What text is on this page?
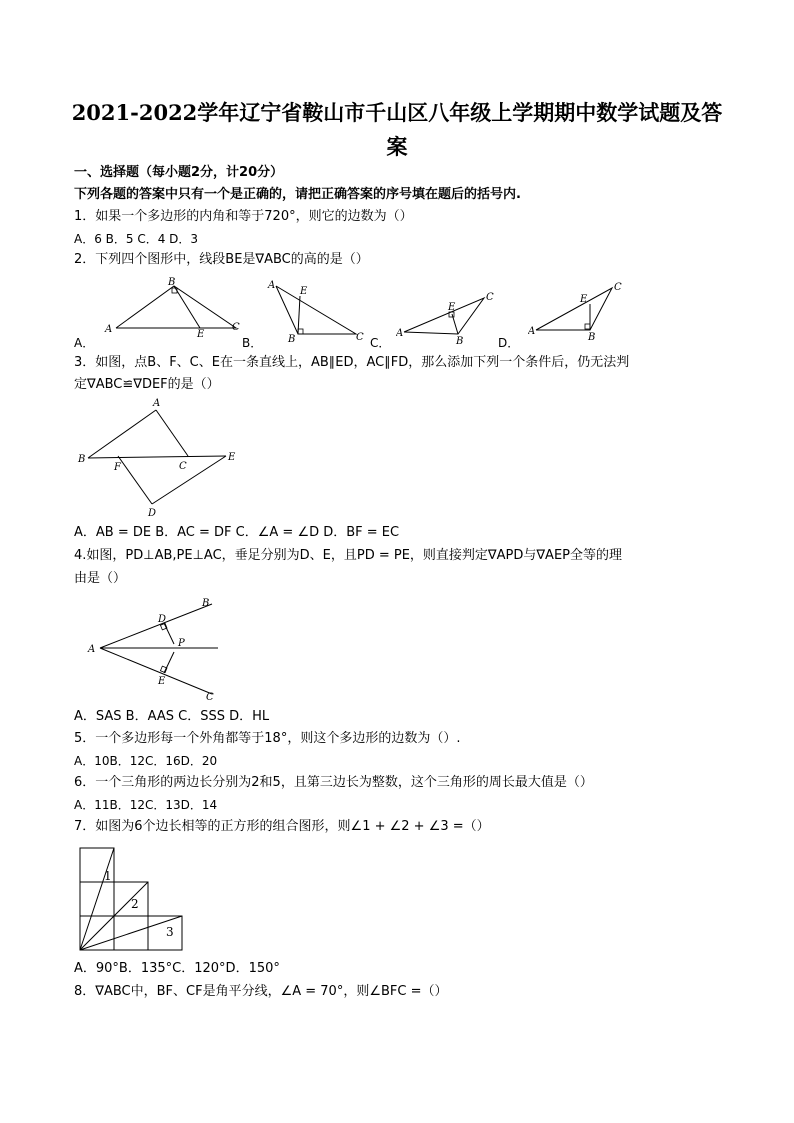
2021-2022学年辽宁省鞍山市千山区八年级上学期期中数学试题及答
案
一、选择题（每小题2分，计20分）
下列各题的答案中只有一个是正确的，请把正确答案的序号填在题后的括号内.
1．如果一个多边形的内角和等于720°，则它的边数为（）
A．6 B．5 C．4 D．3
2．下列四个图形中，线段BE是∇ABC的高的是（）
A
B
E
C
A．
A
E
B	C
B．
A
E
C
B
C．
A
E
C
B
D．
3．如图，点B、F、C、E在一条直线上，AB∥ED，AC∥FD，那么添加下列一个条件后，仍无法判
定∇ABC≌∇DEF的是（）
B
A
F	C
E
D
A．AB = DE B．AC = DF C．∠A = ∠D D．BF = EC
4.如图，PD⊥AB,PE⊥AC，垂足分别为D、E，且PD = PE，则直接判定∇APD与∇AEP全等的理
由是（）
A
B
D
P
E
C
A．SAS B．AAS C．SSS D．HL
5．一个多边形每一个外角都等于18°，则这个多边形的边数为（）.
A．10B．12C．16D．20
6．一个三角形的两边长分别为2和5，且第三边长为整数，这个三角形的周长最大值是（）
A．11B．12C．13D．14
7．如图为6个边长相等的正方形的组合图形，则∠1 + ∠2 + ∠3 =（）
1
2
3
A．90°B．135°C．120°D．150°
8．∇ABC中，BF、CF是角平分线，∠A = 70°，则∠BFC =（）
